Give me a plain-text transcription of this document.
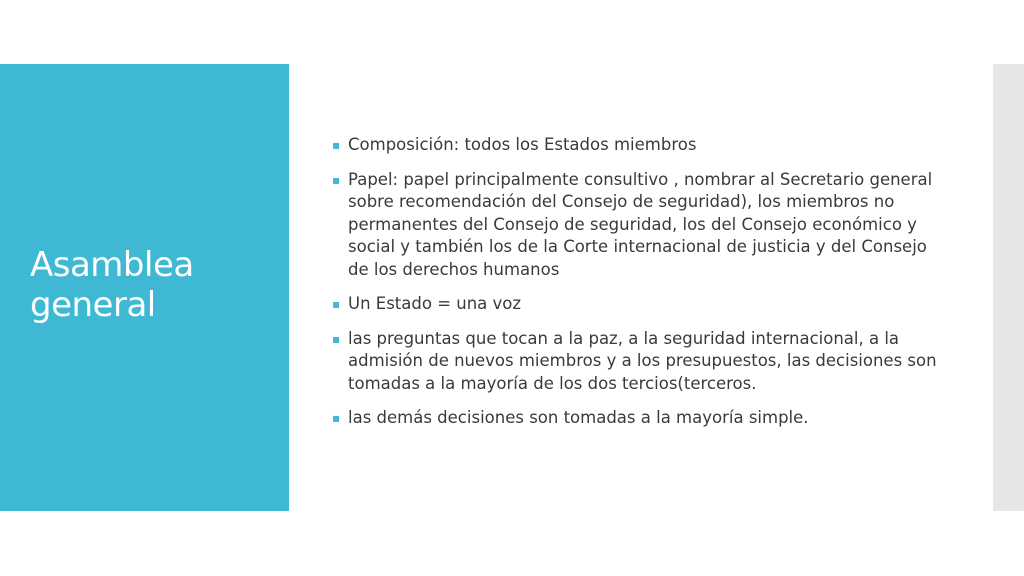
Asamblea general
▪ Composición: todos los Estados miembros
▪ Papel: papel principalmente consultivo , nombrar al Secretario general sobre recomendación del Consejo de seguridad), los miembros no permanentes del Consejo de seguridad, los del Consejo económico y social y también los de la Corte internacional de justicia y del Consejo de los derechos humanos
▪ Un Estado = una voz
▪ las preguntas que tocan a la paz, a la seguridad internacional, a la admisión de nuevos miembros y a los presupuestos, las decisiones son tomadas a la mayoría de los dos tercios(terceros.
▪ las demás decisiones son tomadas a la mayoría simple.
